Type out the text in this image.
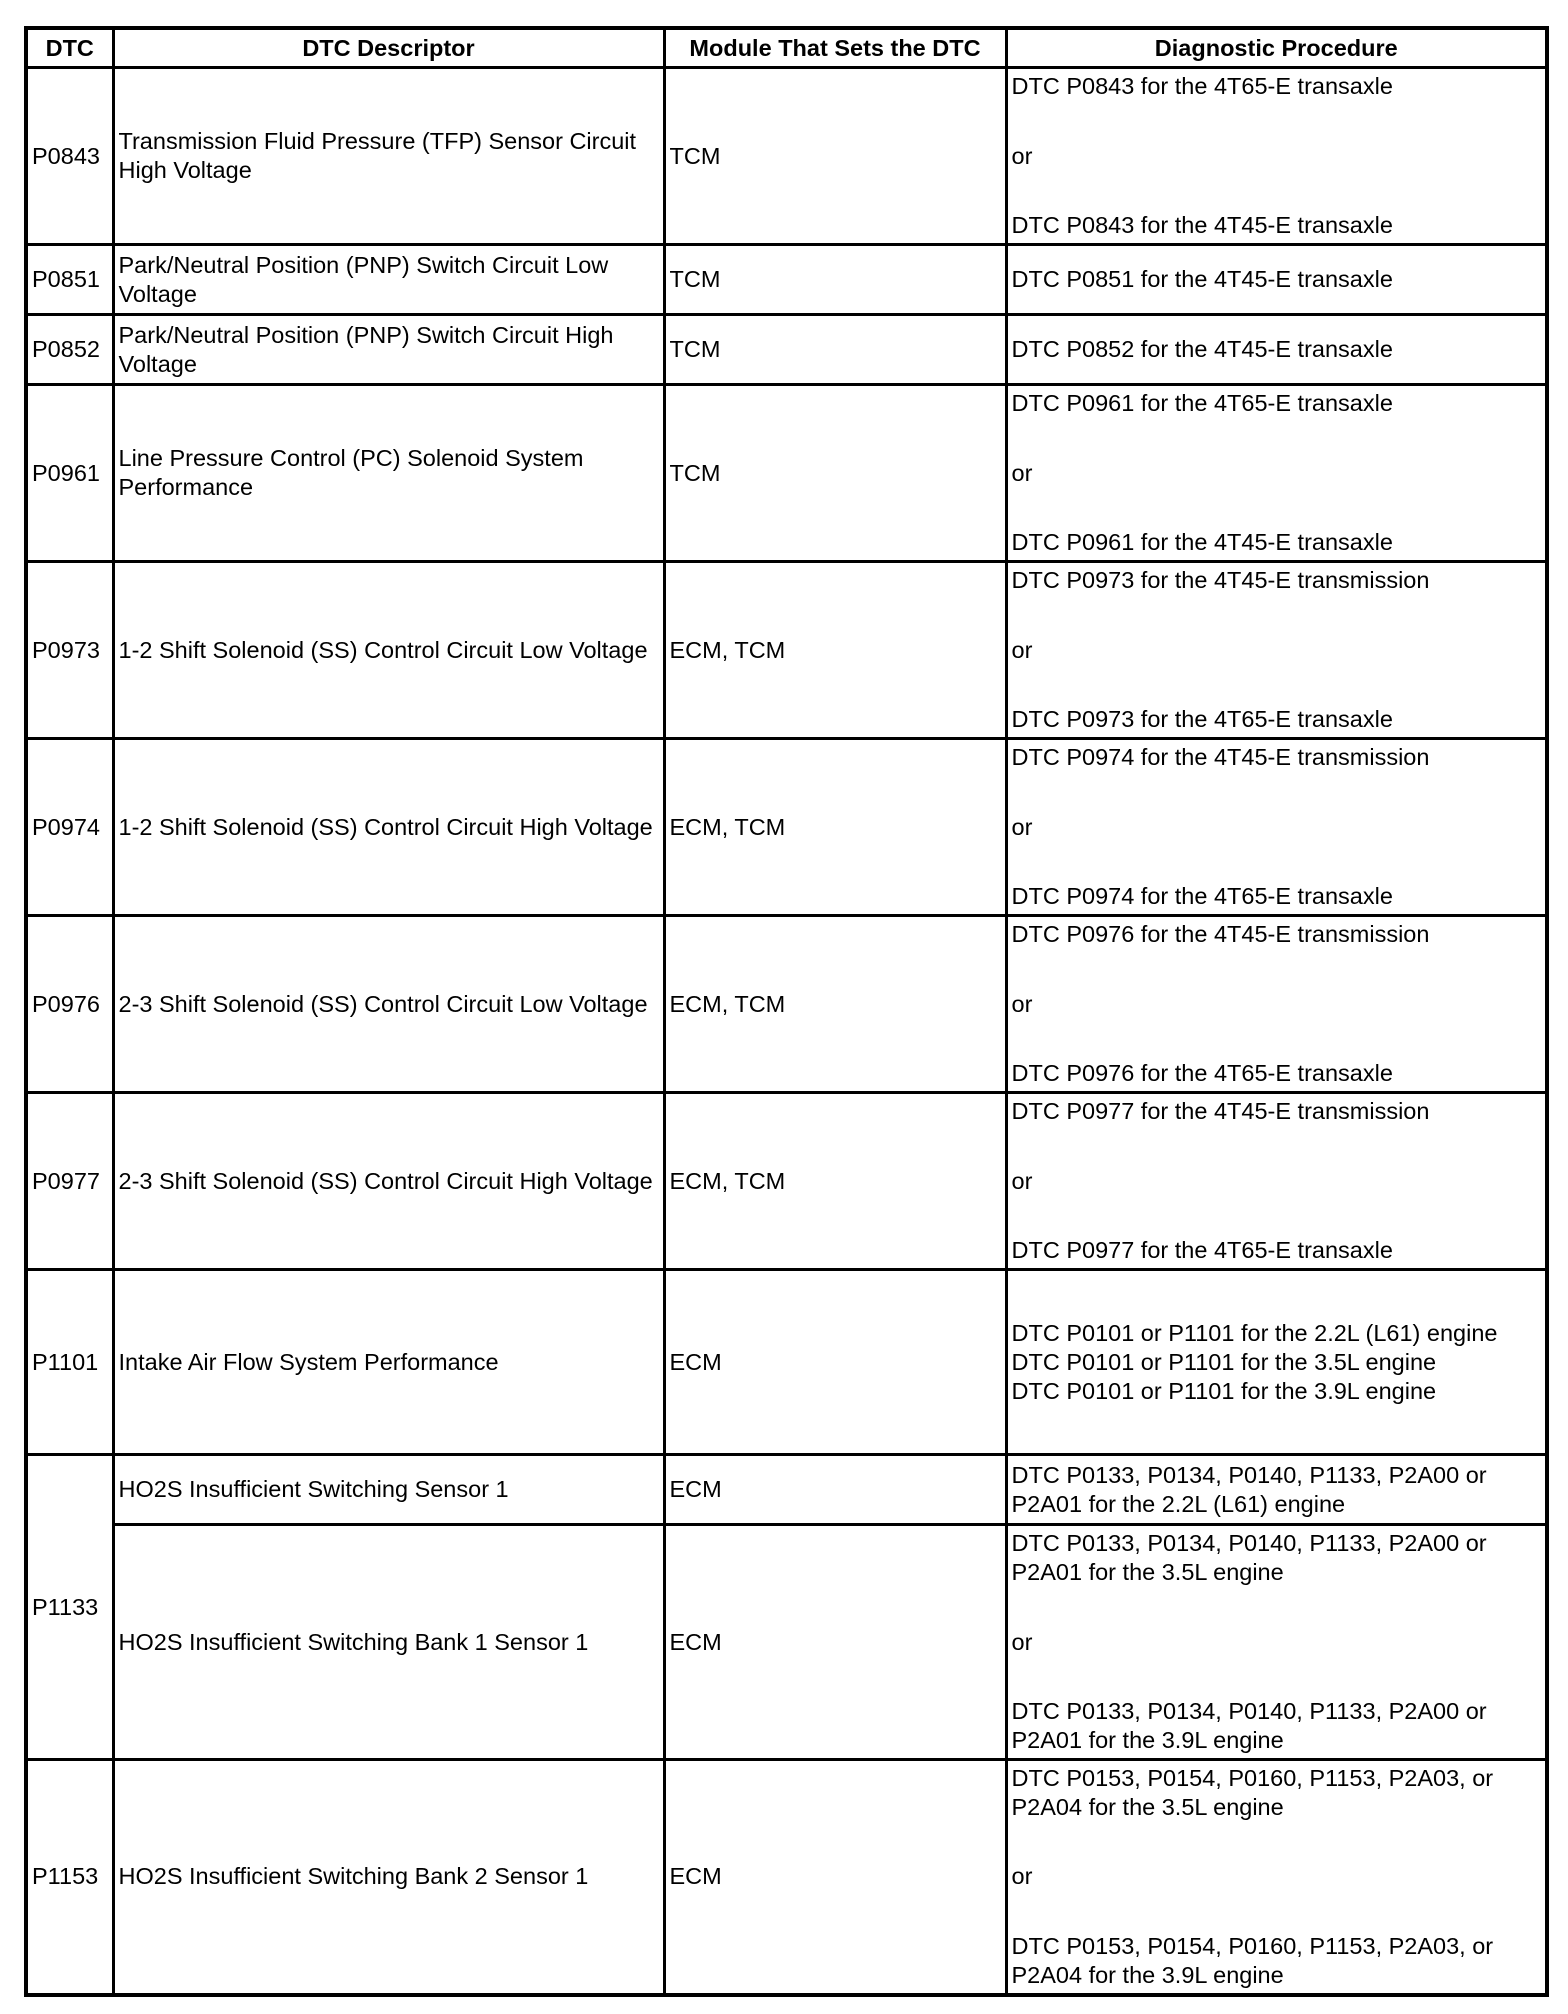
DTC	DTC Descriptor	Module That Sets the DTC	Diagnostic Procedure
P0843	Transmission Fluid Pressure (TFP) Sensor Circuit High Voltage	TCM	DTC P0843 for the 4T65-E transaxle
or
DTC P0843 for the 4T45-E transaxle

P0851	Park/Neutral Position (PNP) Switch Circuit Low Voltage	TCM	DTC P0851 for the 4T45-E transaxle

P0852	Park/Neutral Position (PNP) Switch Circuit High Voltage	TCM	DTC P0852 for the 4T45-E transaxle

P0961	Line Pressure Control (PC) Solenoid System Performance	TCM	DTC P0961 for the 4T65-E transaxle
or
DTC P0961 for the 4T45-E transaxle

P0973	1-2 Shift Solenoid (SS) Control Circuit Low Voltage	ECM, TCM	DTC P0973 for the 4T45-E transmission
or
DTC P0973 for the 4T65-E transaxle

P0974	1-2 Shift Solenoid (SS) Control Circuit High Voltage	ECM, TCM	DTC P0974 for the 4T45-E transmission
or
DTC P0974 for the 4T65-E transaxle

P0976	2-3 Shift Solenoid (SS) Control Circuit Low Voltage	ECM, TCM	DTC P0976 for the 4T45-E transmission
or
DTC P0976 for the 4T65-E transaxle

P0977	2-3 Shift Solenoid (SS) Control Circuit High Voltage	ECM, TCM	DTC P0977 for the 4T45-E transmission
or
DTC P0977 for the 4T65-E transaxle

P1101	Intake Air Flow System Performance	ECM	DTC P0101 or P1101 for the 2.2L (L61) engine
DTC P0101 or P1101 for the 3.5L engine
DTC P0101 or P1101 for the 3.9L engine

P1133	HO2S Insufficient Switching Sensor 1	ECM	DTC P0133, P0134, P0140, P1133, P2A00 or P2A01 for the 2.2L (L61) engine

	HO2S Insufficient Switching Bank 1 Sensor 1	ECM	DTC P0133, P0134, P0140, P1133, P2A00 or P2A01 for the 3.5L engine
or
DTC P0133, P0134, P0140, P1133, P2A00 or P2A01 for the 3.9L engine

P1153	HO2S Insufficient Switching Bank 2 Sensor 1	ECM	DTC P0153, P0154, P0160, P1153, P2A03, or P2A04 for the 3.5L engine
or
DTC P0153, P0154, P0160, P1153, P2A03, or P2A04 for the 3.9L engine
